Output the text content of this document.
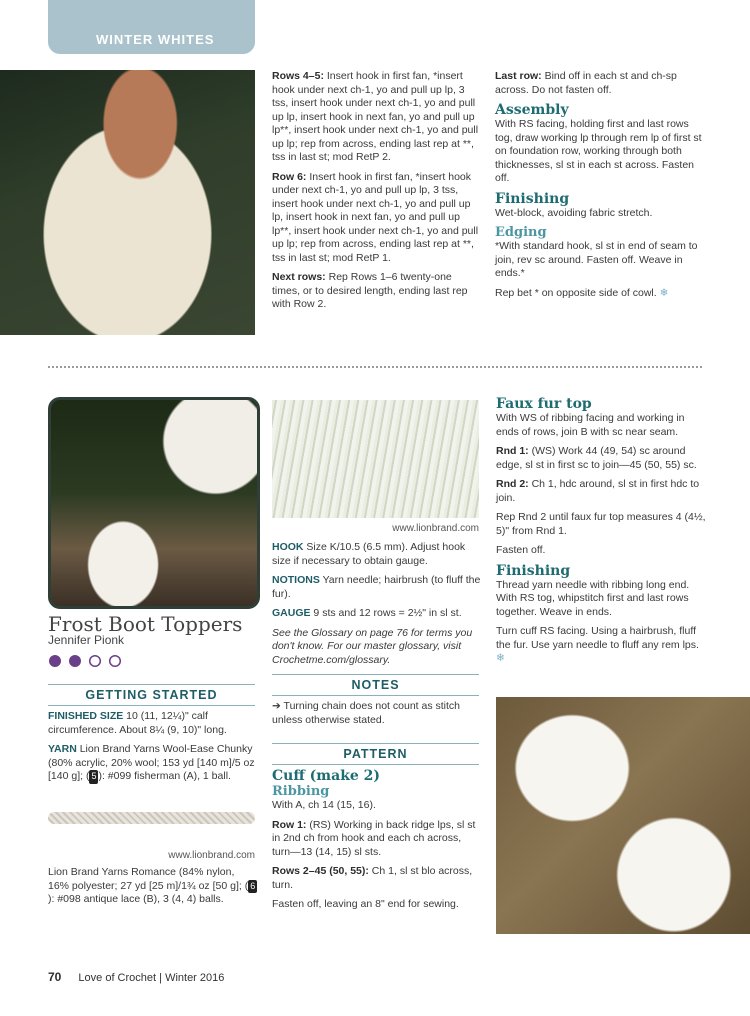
WINTER WHITES

Rows 4–5: Insert hook in first fan, *insert hook under next ch-1, yo and pull up lp, 3 tss, insert hook under next ch-1, yo and pull up lp, insert hook in next fan, yo and pull up lp**, insert hook under next ch-1, yo and pull up lp; rep from across, ending last rep at **, tss in last st; mod RetP 2.

Row 6: Insert hook in first fan, *insert hook under next ch-1, yo and pull up lp, 3 tss, insert hook under next ch-1, yo and pull up lp, insert hook in next fan, yo and pull up lp**, insert hook under next ch-1, yo and pull up lp; rep from across, ending last rep at **, tss in last st; mod RetP 1.

Next rows: Rep Rows 1–6 twenty-one times, or to desired length, ending last rep with Row 2.

Last row: Bind off in each st and ch-sp across. Do not fasten off.

Assembly

With RS facing, holding first and last rows tog, draw working lp through rem lp of first st on foundation row, working through both thicknesses, sl st in each st across. Fasten off.

Finishing

Wet-block, avoiding fabric stretch.

Edging

*With standard hook, sl st in end of seam to join, rev sc around. Fasten off. Weave in ends.*

Rep bet * on opposite side of cowl. ❄

Frost Boot Toppers
Jennifer Pionk
GETTING STARTED

FINISHED SIZE 10 (11, 12¼)" calf circumference. About 8¼ (9, 10)" long.

YARN Lion Brand Yarns Wool-Ease Chunky (80% acrylic, 20% wool; 153 yd [140 m]/5 oz [140 g]; ( 5 ): #099 fisherman (A), 1 ball.

www.lionbrand.com

Lion Brand Yarns Romance (84% nylon, 16% polyester; 27 yd [25 m]/1¾ oz [50 g]; ( 6): #098 antique lace (B), 3 (4, 4) balls.

www.lionbrand.com

HOOK Size K/10.5 (6.5 mm). Adjust hook size if necessary to obtain gauge.

NOTIONS Yarn needle; hairbrush (to fluff the fur).

GAUGE 9 sts and 12 rows = 2½" in sl st.

See the Glossary on page 76 for terms you don't know. For our master glossary, visit Crochetme.com/glossary.

NOTES

➔ Turning chain does not count as stitch unless otherwise stated.

PATTERN
Cuff (make 2)
Ribbing

With A, ch 14 (15, 16).

Row 1: (RS) Working in back ridge lps, sl st in 2nd ch from hook and each ch across, turn—13 (14, 15) sl sts.

Rows 2–45 (50, 55): Ch 1, sl st blo across, turn.

Fasten off, leaving an 8" end for sewing.

Faux fur top

With WS of ribbing facing and working in ends of rows, join B with sc near seam.

Rnd 1: (WS) Work 44 (49, 54) sc around edge, sl st in first sc to join—45 (50, 55) sc.

Rnd 2: Ch 1, hdc around, sl st in first hdc to join.

Rep Rnd 2 until faux fur top measures 4 (4½, 5)" from Rnd 1.

Fasten off.

Finishing

Thread yarn needle with ribbing long end. With RS tog, whipstitch first and last rows together. Weave in ends.

Turn cuff RS facing. Using a hairbrush, fluff the fur. Use yarn needle to fluff any rem lps. ❄

70 Love of Crochet | Winter 2016
